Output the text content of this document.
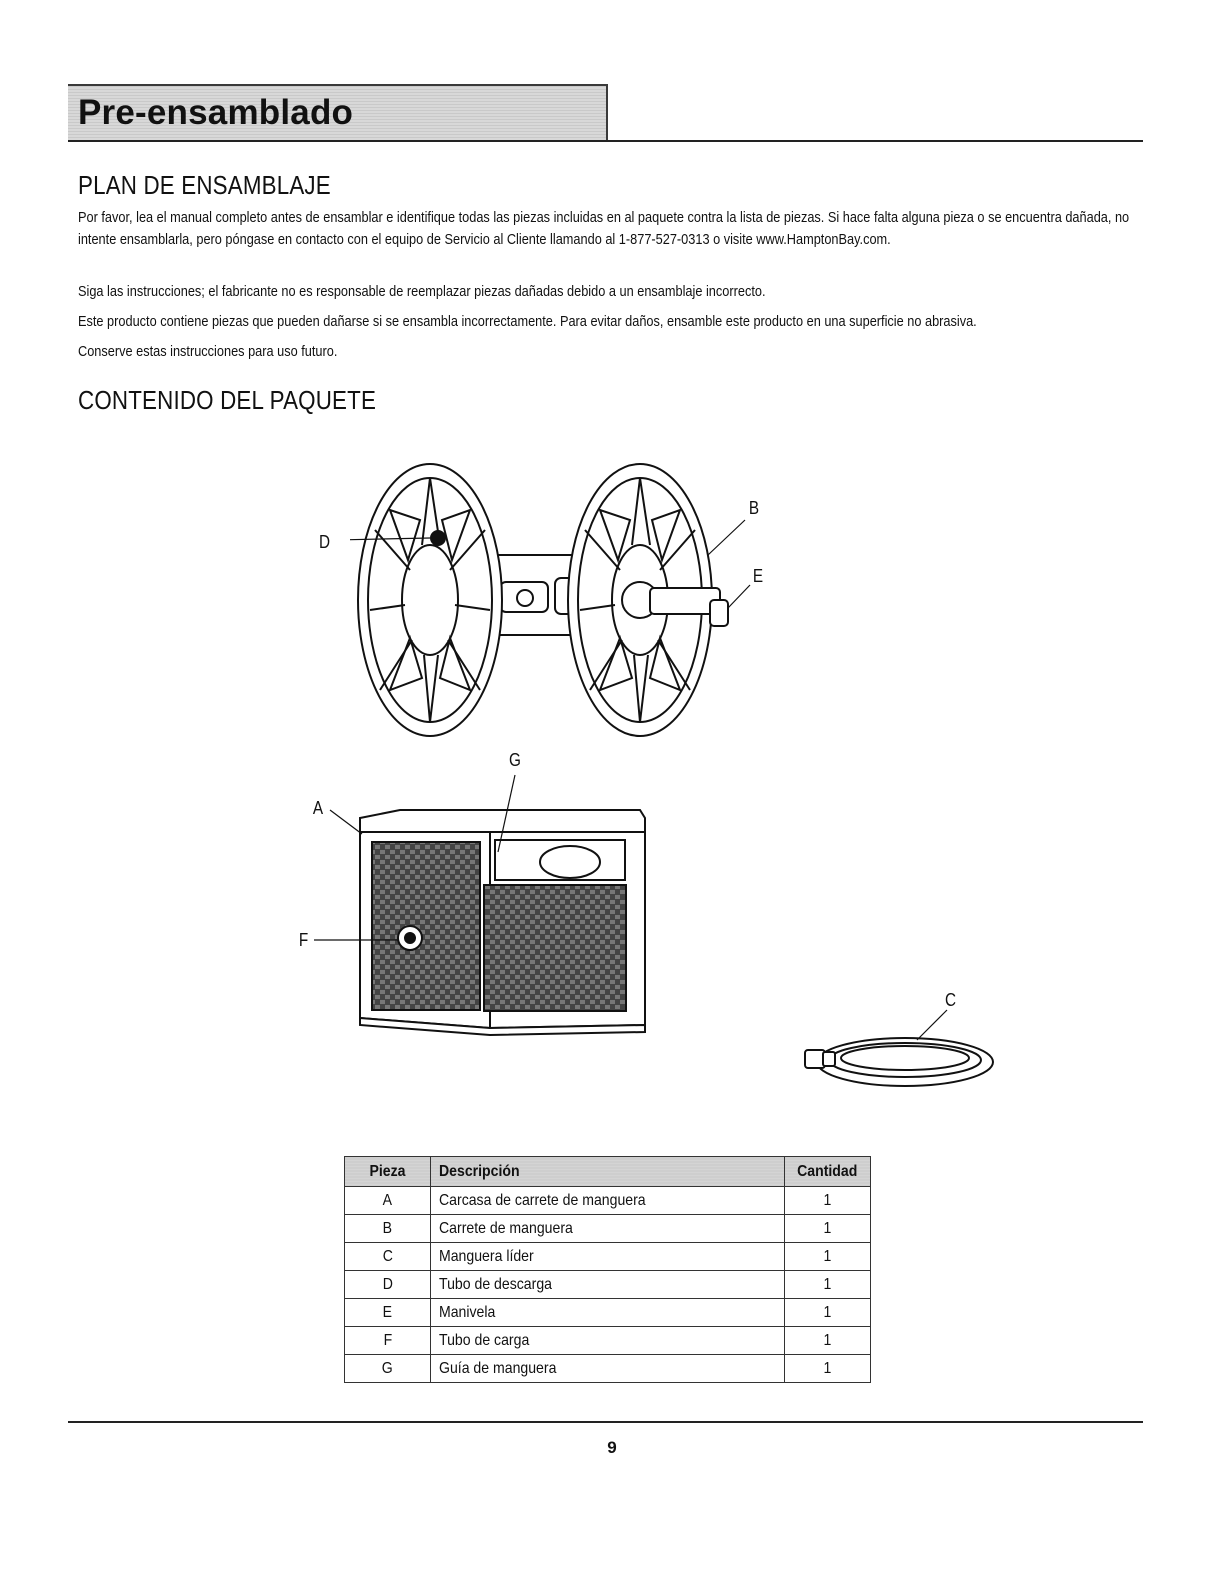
Pre-ensamblado
PLAN DE ENSAMBLAJE

Por favor, lea el manual completo antes de ensamblar e identifique todas las piezas incluidas en al paquete contra la lista de piezas. Si hace falta alguna pieza o se encuentra dañada, no intente ensamblarla, pero póngase en contacto con el equipo de Servicio al Cliente llamando al 1-877-527-0313 o visite www.HamptonBay.com.

Siga las instrucciones; el fabricante no es responsable de reemplazar piezas dañadas debido a un ensamblaje incorrecto.

Este producto contiene piezas que pueden dañarse si se ensambla incorrectamente. Para evitar daños, ensamble este producto en una superficie no abrasiva.

Conserve estas instrucciones para uso futuro.

CONTENIDO DEL PAQUETE
D
B
E
A
F
G
C
Pieza	Descripción	Cantidad
A	Carcasa de carrete de manguera	1
B	Carrete de manguera	1
C	Manguera líder	1
D	Tubo de descarga	1
E	Manivela	1
F	Tubo de carga	1
G	Guía de manguera	1
9
